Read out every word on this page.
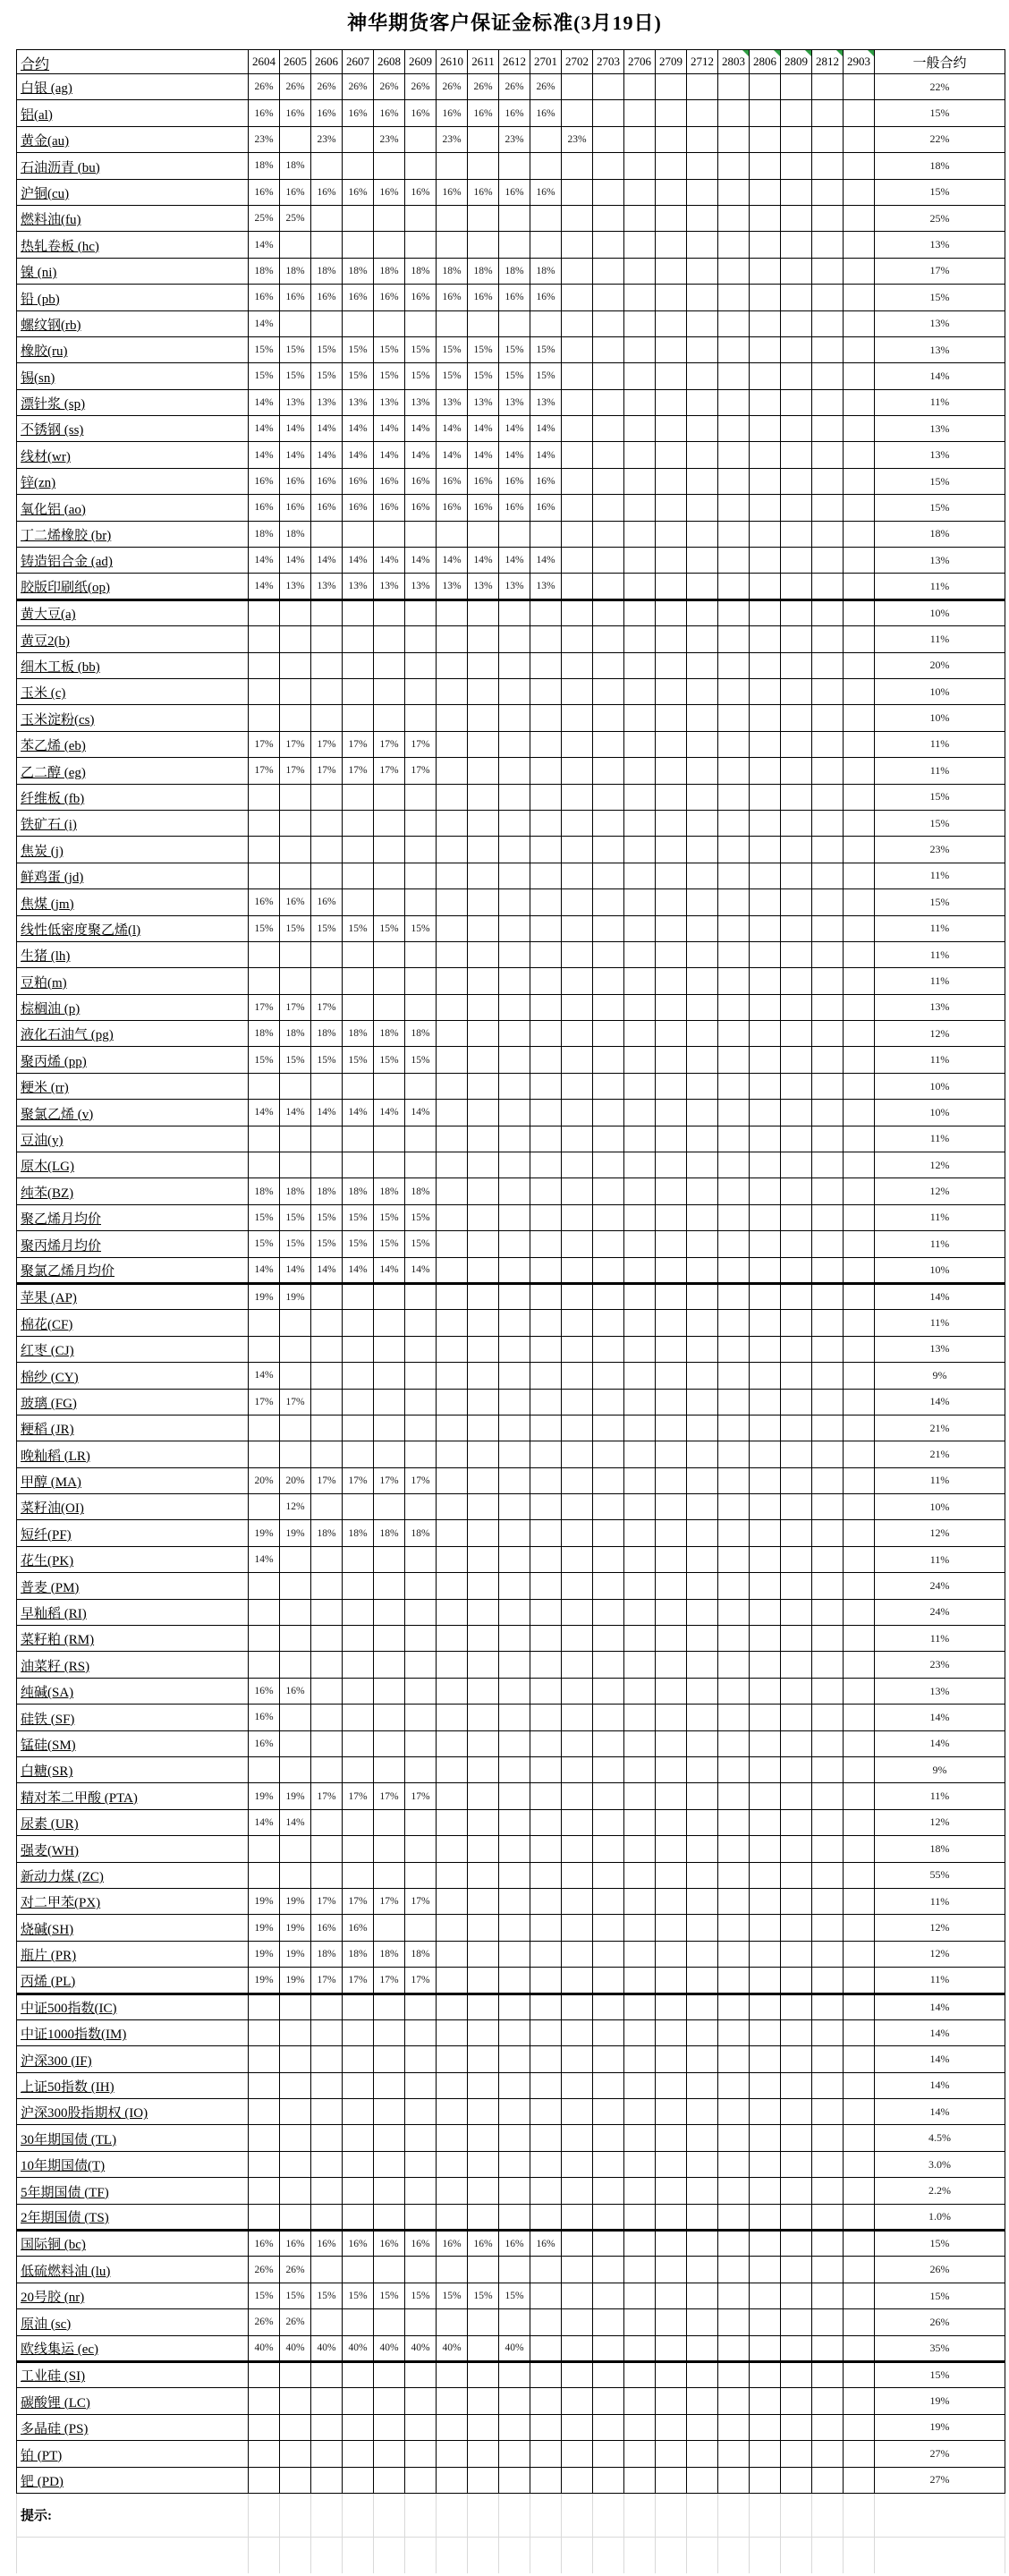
神华期货客户保证金标准(3月19日)
合约	2604	2605	2606	2607	2608	2609	2610	2611	2612	2701	2702	2703	2706	2709	2712	2803	2806	2809	2812	2903	一般合约
白银 (ag)	26%	26%	26%	26%	26%	26%	26%	26%	26%	26%											22%
铝(al)	16%	16%	16%	16%	16%	16%	16%	16%	16%	16%											15%
黄金(au)	23%		23%		23%		23%		23%		23%										22%
石油沥青 (bu)	18%	18%																			18%
沪铜(cu)	16%	16%	16%	16%	16%	16%	16%	16%	16%	16%											15%
燃料油(fu)	25%	25%																			25%
热轧卷板 (hc)	14%																				13%
镍 (ni)	18%	18%	18%	18%	18%	18%	18%	18%	18%	18%											17%
铅 (pb)	16%	16%	16%	16%	16%	16%	16%	16%	16%	16%											15%
螺纹钢(rb)	14%																				13%
橡胶(ru)	15%	15%	15%	15%	15%	15%	15%	15%	15%	15%											13%
锡(sn)	15%	15%	15%	15%	15%	15%	15%	15%	15%	15%											14%
漂针浆 (sp)	14%	13%	13%	13%	13%	13%	13%	13%	13%	13%											11%
不锈钢 (ss)	14%	14%	14%	14%	14%	14%	14%	14%	14%	14%											13%
线材(wr)	14%	14%	14%	14%	14%	14%	14%	14%	14%	14%											13%
锌(zn)	16%	16%	16%	16%	16%	16%	16%	16%	16%	16%											15%
氧化铝 (ao)	16%	16%	16%	16%	16%	16%	16%	16%	16%	16%											15%
丁二烯橡胶 (br)	18%	18%																			18%
铸造铝合金 (ad)	14%	14%	14%	14%	14%	14%	14%	14%	14%	14%											13%
胶版印刷纸(op)	14%	13%	13%	13%	13%	13%	13%	13%	13%	13%											11%
黄大豆(a)																					10%
黄豆2(b)																					11%
细木工板 (bb)																					20%
玉米 (c)																					10%
玉米淀粉(cs)																					10%
苯乙烯 (eb)	17%	17%	17%	17%	17%	17%															11%
乙二醇 (eg)	17%	17%	17%	17%	17%	17%															11%
纤维板 (fb)																					15%
铁矿石 (i)																					15%
焦炭 (j)																					23%
鲜鸡蛋 (jd)																					11%
焦煤 (jm)	16%	16%	16%																		15%
线性低密度聚乙烯(l)	15%	15%	15%	15%	15%	15%															11%
生猪 (lh)																					11%
豆粕(m)																					11%
棕榈油 (p)	17%	17%	17%																		13%
液化石油气 (pg)	18%	18%	18%	18%	18%	18%															12%
聚丙烯 (pp)	15%	15%	15%	15%	15%	15%															11%
粳米 (rr)																					10%
聚氯乙烯 (v)	14%	14%	14%	14%	14%	14%															10%
豆油(y)																					11%
原木(LG)																					12%
纯苯(BZ)	18%	18%	18%	18%	18%	18%															12%
聚乙烯月均价	15%	15%	15%	15%	15%	15%															11%
聚丙烯月均价	15%	15%	15%	15%	15%	15%															11%
聚氯乙烯月均价	14%	14%	14%	14%	14%	14%															10%
苹果 (AP)	19%	19%																			14%
棉花(CF)																					11%
红枣 (CJ)																					13%
棉纱 (CY)	14%																				9%
玻璃 (FG)	17%	17%																			14%
粳稻 (JR)																					21%
晚籼稻 (LR)																					21%
甲醇 (MA)	20%	20%	17%	17%	17%	17%															11%
菜籽油(OI)		12%																			10%
短纤(PF)	19%	19%	18%	18%	18%	18%															12%
花生(PK)	14%																				11%
普麦 (PM)																					24%
早籼稻 (RI)																					24%
菜籽粕 (RM)																					11%
油菜籽 (RS)																					23%
纯碱(SA)	16%	16%																			13%
硅铁 (SF)	16%																				14%
锰硅(SM)	16%																				14%
白糖(SR)																					9%
精对苯二甲酸 (PTA)	19%	19%	17%	17%	17%	17%															11%
尿素 (UR)	14%	14%																			12%
强麦(WH)																					18%
新动力煤 (ZC)																					55%
对二甲苯(PX)	19%	19%	17%	17%	17%	17%															11%
烧碱(SH)	19%	19%	16%	16%																	12%
瓶片 (PR)	19%	19%	18%	18%	18%	18%															12%
丙烯 (PL)	19%	19%	17%	17%	17%	17%															11%
中证500指数(IC)																					14%
中证1000指数(IM)																					14%
沪深300 (IF)																					14%
上证50指数 (IH)																					14%
沪深300股指期权 (IO)																					14%
30年期国债 (TL)																					4.5%
10年期国债(T)																					3.0%
5年期国债 (TF)																					2.2%
2年期国债 (TS)																					1.0%
国际铜 (bc)	16%	16%	16%	16%	16%	16%	16%	16%	16%	16%											15%
低硫燃料油 (lu)	26%	26%																			26%
20号胶 (nr)	15%	15%	15%	15%	15%	15%	15%	15%	15%												15%
原油 (sc)	26%	26%																			26%
欧线集运 (ec)	40%	40%	40%	40%	40%	40%	40%		40%												35%
工业硅 (SI)																					15%
碳酸锂 (LC)																					19%
多晶硅 (PS)																					19%
铂 (PT)																					27%
钯 (PD)																					27%
提示:																					
